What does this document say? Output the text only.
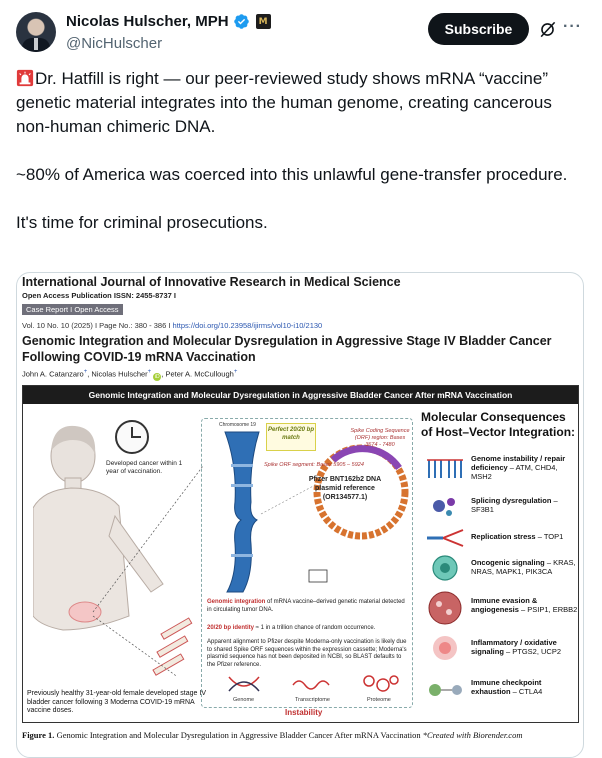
Nicolas Hulscher, MPH	M
@NicHulscher
Subscribe	···

Dr. Hatfill is right — our peer-reviewed study shows mRNA “vaccine” genetic material integrates into the human genome, creating cancerous non-human chimeric DNA.

~80% of America was coerced into this unlawful gene-transfer procedure.

It's time for criminal prosecutions.

International Journal of Innovative Research in Medical Science
Open Access Publication ISSN: 2455-8737 I
Case Report I Open Access
Vol. 10 No. 10 (2025) I Page No.: 380 - 386 I https://doi.org/10.23958/ijirms/vol10-i10/2130
Genomic Integration and Molecular Dysregulation in Aggressive Stage IV Bladder Cancer Following COVID-19 mRNA Vaccination
John A. Catanzaro+, Nicolas Hulscher+ iD , Peter A. McCullough+
Genomic Integration and Molecular Dysregulation in Aggressive Bladder Cancer After mRNA Vaccination
Developed cancer within 1 year of vaccination.
Previously healthy 31-year-old female developed stage IV bladder cancer following 3 Moderna COVID-19 mRNA vaccine doses.
Chromosome 19
Perfect 20/20 bp match
Spike ORF segment: Bases 5905 – 5924
Spike Coding Sequence (ORF) region: Bases 3674 - 7480
Pfizer BNT162b2 DNA plasmid reference (OR134577.1)
Genomic integration of mRNA vaccine–derived genetic material detected in circulating tumor DNA.
20/20 bp identity ≈ 1 in a trillion chance of random occurrence.
Apparent alignment to Pfizer despite Moderna-only vaccination is likely due to shared Spike ORF sequences within the expression cassette; Moderna's plasmid sequence has not been deposited in NCBI, so BLAST defaults to the Pfizer reference.
Genome	Transcriptome	Proteome
Instability
Molecular Consequences of Host–Vector Integration:
Genome instability / repair deficiency – ATM, CHD4, MSH2
Splicing dysregulation – SF3B1
Replication stress – TOP1
Oncogenic signaling – KRAS, NRAS, MAPK1, PIK3CA
Immune evasion & angiogenesis – PSIP1, ERBB2
Inflammatory / oxidative signaling – PTGS2, UCP2
Immune checkpoint exhaustion – CTLA4
Figure 1. Genomic Integration and Molecular Dysregulation in Aggressive Bladder Cancer After mRNA Vaccination *Created with Biorender.com
